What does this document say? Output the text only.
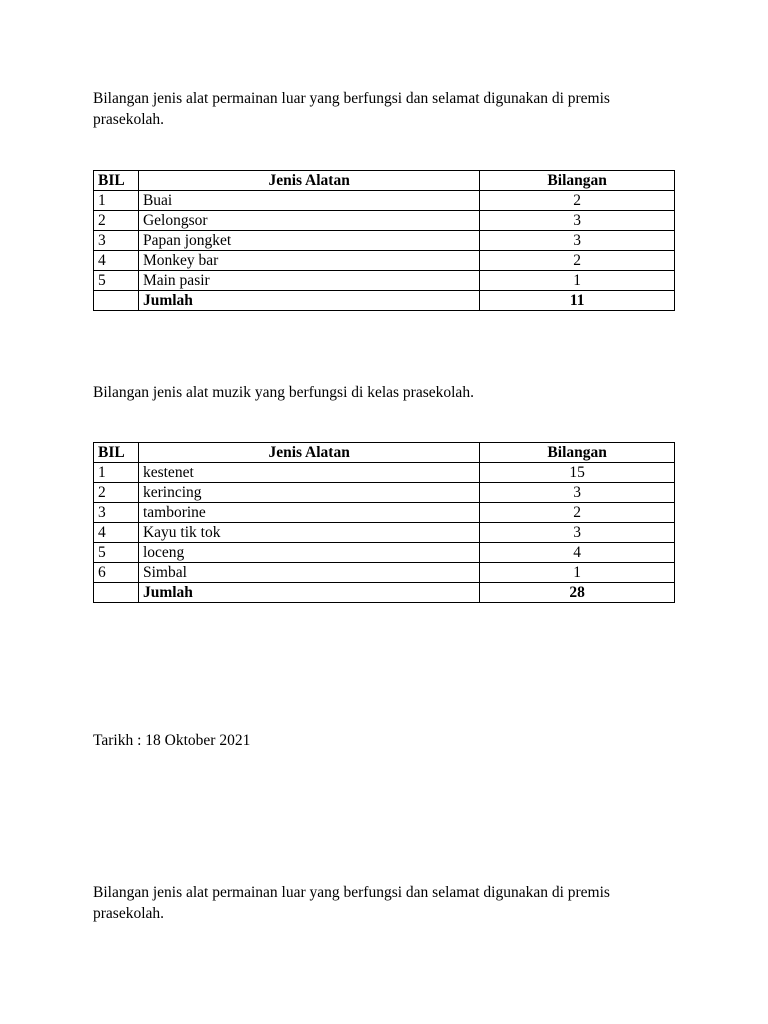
Bilangan jenis alat permainan luar yang berfungsi dan selamat digunakan di premis prasekolah.

BIL	Jenis Alatan	Bilangan
1	Buai	2
2	Gelongsor	3
3	Papan jongket	3
4	Monkey bar	2
5	Main pasir	1
	Jumlah	11

Bilangan jenis alat muzik yang berfungsi di kelas prasekolah.

BIL	Jenis Alatan	Bilangan
1	kestenet	15
2	kerincing	3
3	tamborine	2
4	Kayu tik tok	3
5	loceng	4
6	Simbal	1
	Jumlah	28

Tarikh : 18 Oktober 2021

Bilangan jenis alat permainan luar yang berfungsi dan selamat digunakan di premis prasekolah.
